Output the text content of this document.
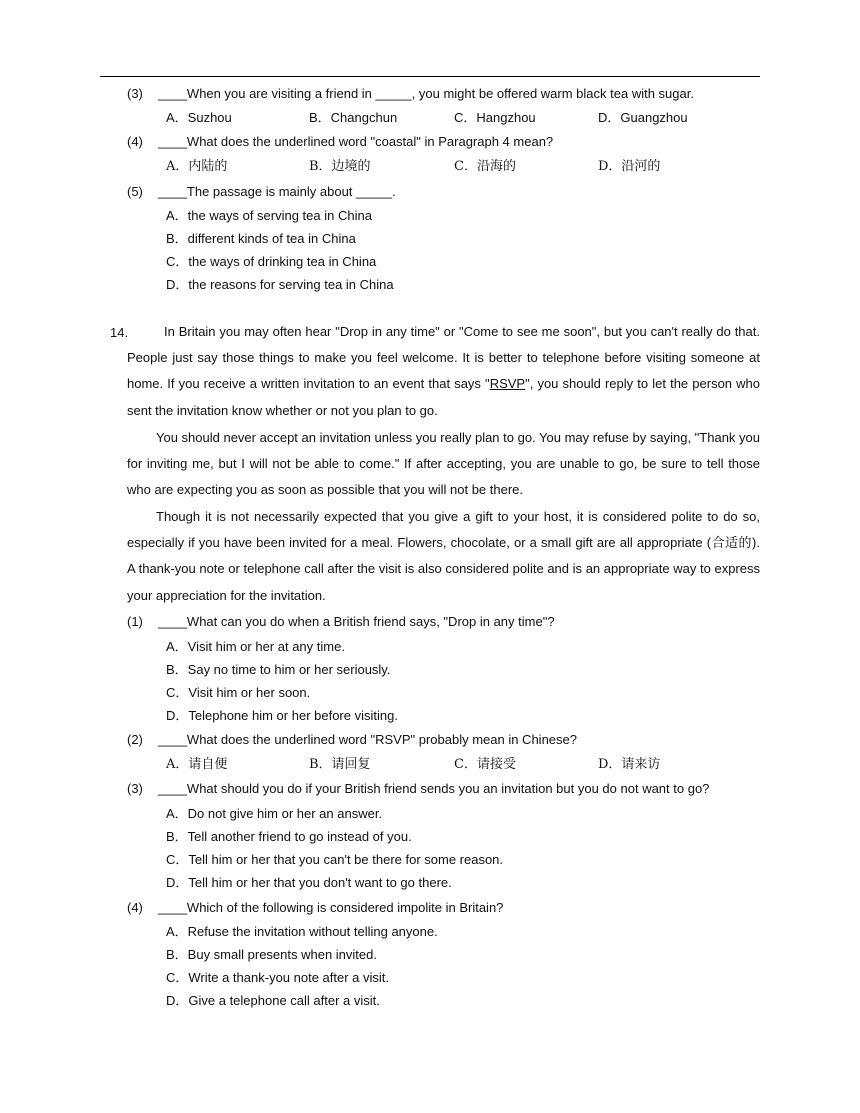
(3) ____When you are visiting a friend in _____, you might be offered warm black tea with sugar.
A．Suzhou	B．Changchun	C．Hangzhou	D．Guangzhou
(4) ____What does the underlined word "coastal" in Paragraph 4 mean?
A．内陆的	B．边境的	C．沿海的	D．沿河的
(5) ____The passage is mainly about _____.
A．the ways of serving tea in China
B．different kinds of tea in China
C．the ways of drinking tea in China
D．the reasons for serving tea in China
14.	In Britain you may often hear "Drop in any time" or "Come to see me soon", but you can't really do that. People just say those things to make you feel welcome. It is better to telephone before visiting someone at home. If you receive a written invitation to an event that says "RSVP", you should reply to let the person who sent the invitation know whether or not you plan to go.
You should never accept an invitation unless you really plan to go. You may refuse by saying, "Thank you for inviting me, but I will not be able to come." If after accepting, you are unable to go, be sure to tell those who are expecting you as soon as possible that you will not be there.
Though it is not necessarily expected that you give a gift to your host, it is considered polite to do so, especially if you have been invited for a meal. Flowers, chocolate, or a small gift are all appropriate (合适的). A thank-you note or telephone call after the visit is also considered polite and is an appropriate way to express your appreciation for the invitation.
(1) ____What can you do when a British friend says, "Drop in any time"?
A．Visit him or her at any time.
B．Say no time to him or her seriously.
C．Visit him or her soon.
D．Telephone him or her before visiting.
(2) ____What does the underlined word "RSVP" probably mean in Chinese?
A．请自便	B．请回复	C．请接受	D．请来访
(3) ____What should you do if your British friend sends you an invitation but you do not want to go?
A．Do not give him or her an answer.
B．Tell another friend to go instead of you.
C．Tell him or her that you can't be there for some reason.
D．Tell him or her that you don't want to go there.
(4) ____Which of the following is considered impolite in Britain?
A．Refuse the invitation without telling anyone.
B．Buy small presents when invited.
C．Write a thank-you note after a visit.
D．Give a telephone call after a visit.
